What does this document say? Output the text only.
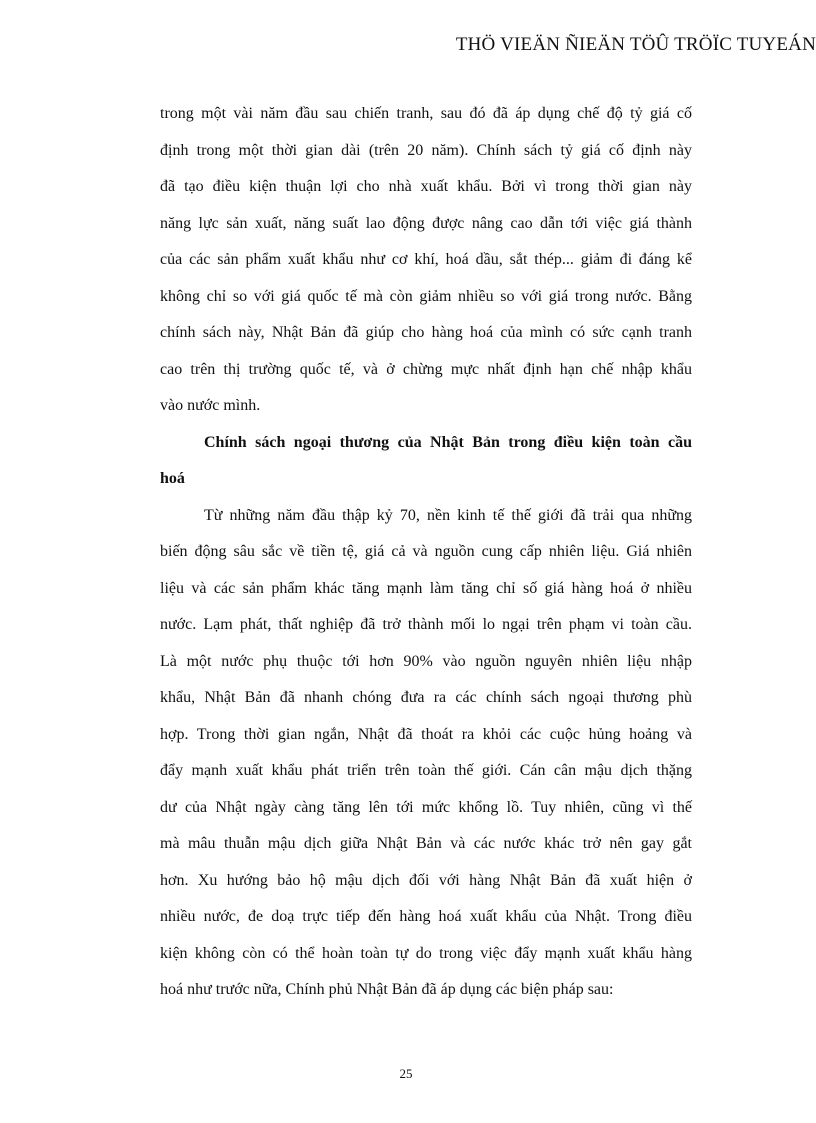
THÖ VIEÄN ÑIEÄN TÖÛ TRÖÏC TUYEÁN
trong một vài năm đầu sau chiến tranh, sau đó đã áp dụng chế độ tỷ giá cố
định trong một thời gian dài (trên 20 năm). Chính sách tỷ giá cố định này
đã tạo điều kiện thuận lợi cho nhà xuất khẩu. Bởi vì trong thời gian này
năng lực sản xuất, năng suất lao động được nâng cao dẫn tới việc giá thành
của các sản phẩm xuất khẩu như cơ khí, hoá dầu, sắt thép... giảm đi đáng kể
không chỉ so với giá quốc tế mà còn giảm nhiều so với giá trong nước. Bằng
chính sách này, Nhật Bản đã giúp cho hàng hoá của mình có sức cạnh tranh
cao trên thị trường quốc tế, và ở chừng mực nhất định hạn chế nhập khẩu
vào nước mình.
Chính sách ngoại thương của Nhật Bản trong điều kiện toàn cầu
hoá
Từ những năm đầu thập kỷ 70, nền kinh tế thế giới đã trải qua những
biến động sâu sắc về tiền tệ, giá cả và nguồn cung cấp nhiên liệu. Giá nhiên
liệu và các sản phẩm khác tăng mạnh làm tăng chỉ số giá hàng hoá ở nhiều
nước. Lạm phát, thất nghiệp đã trở thành mối lo ngại trên phạm vi toàn cầu.
Là một nước phụ thuộc tới hơn 90% vào nguồn nguyên nhiên liệu nhập
khẩu, Nhật Bản đã nhanh chóng đưa ra các chính sách ngoại thương phù
hợp. Trong thời gian ngắn, Nhật đã thoát ra khỏi các cuộc hủng hoảng và
đẩy mạnh xuất khẩu phát triển trên toàn thế giới. Cán cân mậu dịch thặng
dư của Nhật ngày càng tăng lên tới mức khổng lồ. Tuy nhiên, cũng vì thế
mà mâu thuẫn mậu dịch giữa Nhật Bản và các nước khác trở nên gay gắt
hơn. Xu hướng bảo hộ mậu dịch đối với hàng Nhật Bản đã xuất hiện ở
nhiều nước, đe doạ trực tiếp đến hàng hoá xuất khẩu của Nhật. Trong điều
kiện không còn có thể hoàn toàn tự do trong việc đẩy mạnh xuất khẩu hàng
hoá như trước nữa, Chính phủ Nhật Bản đã áp dụng các biện pháp sau:
25
